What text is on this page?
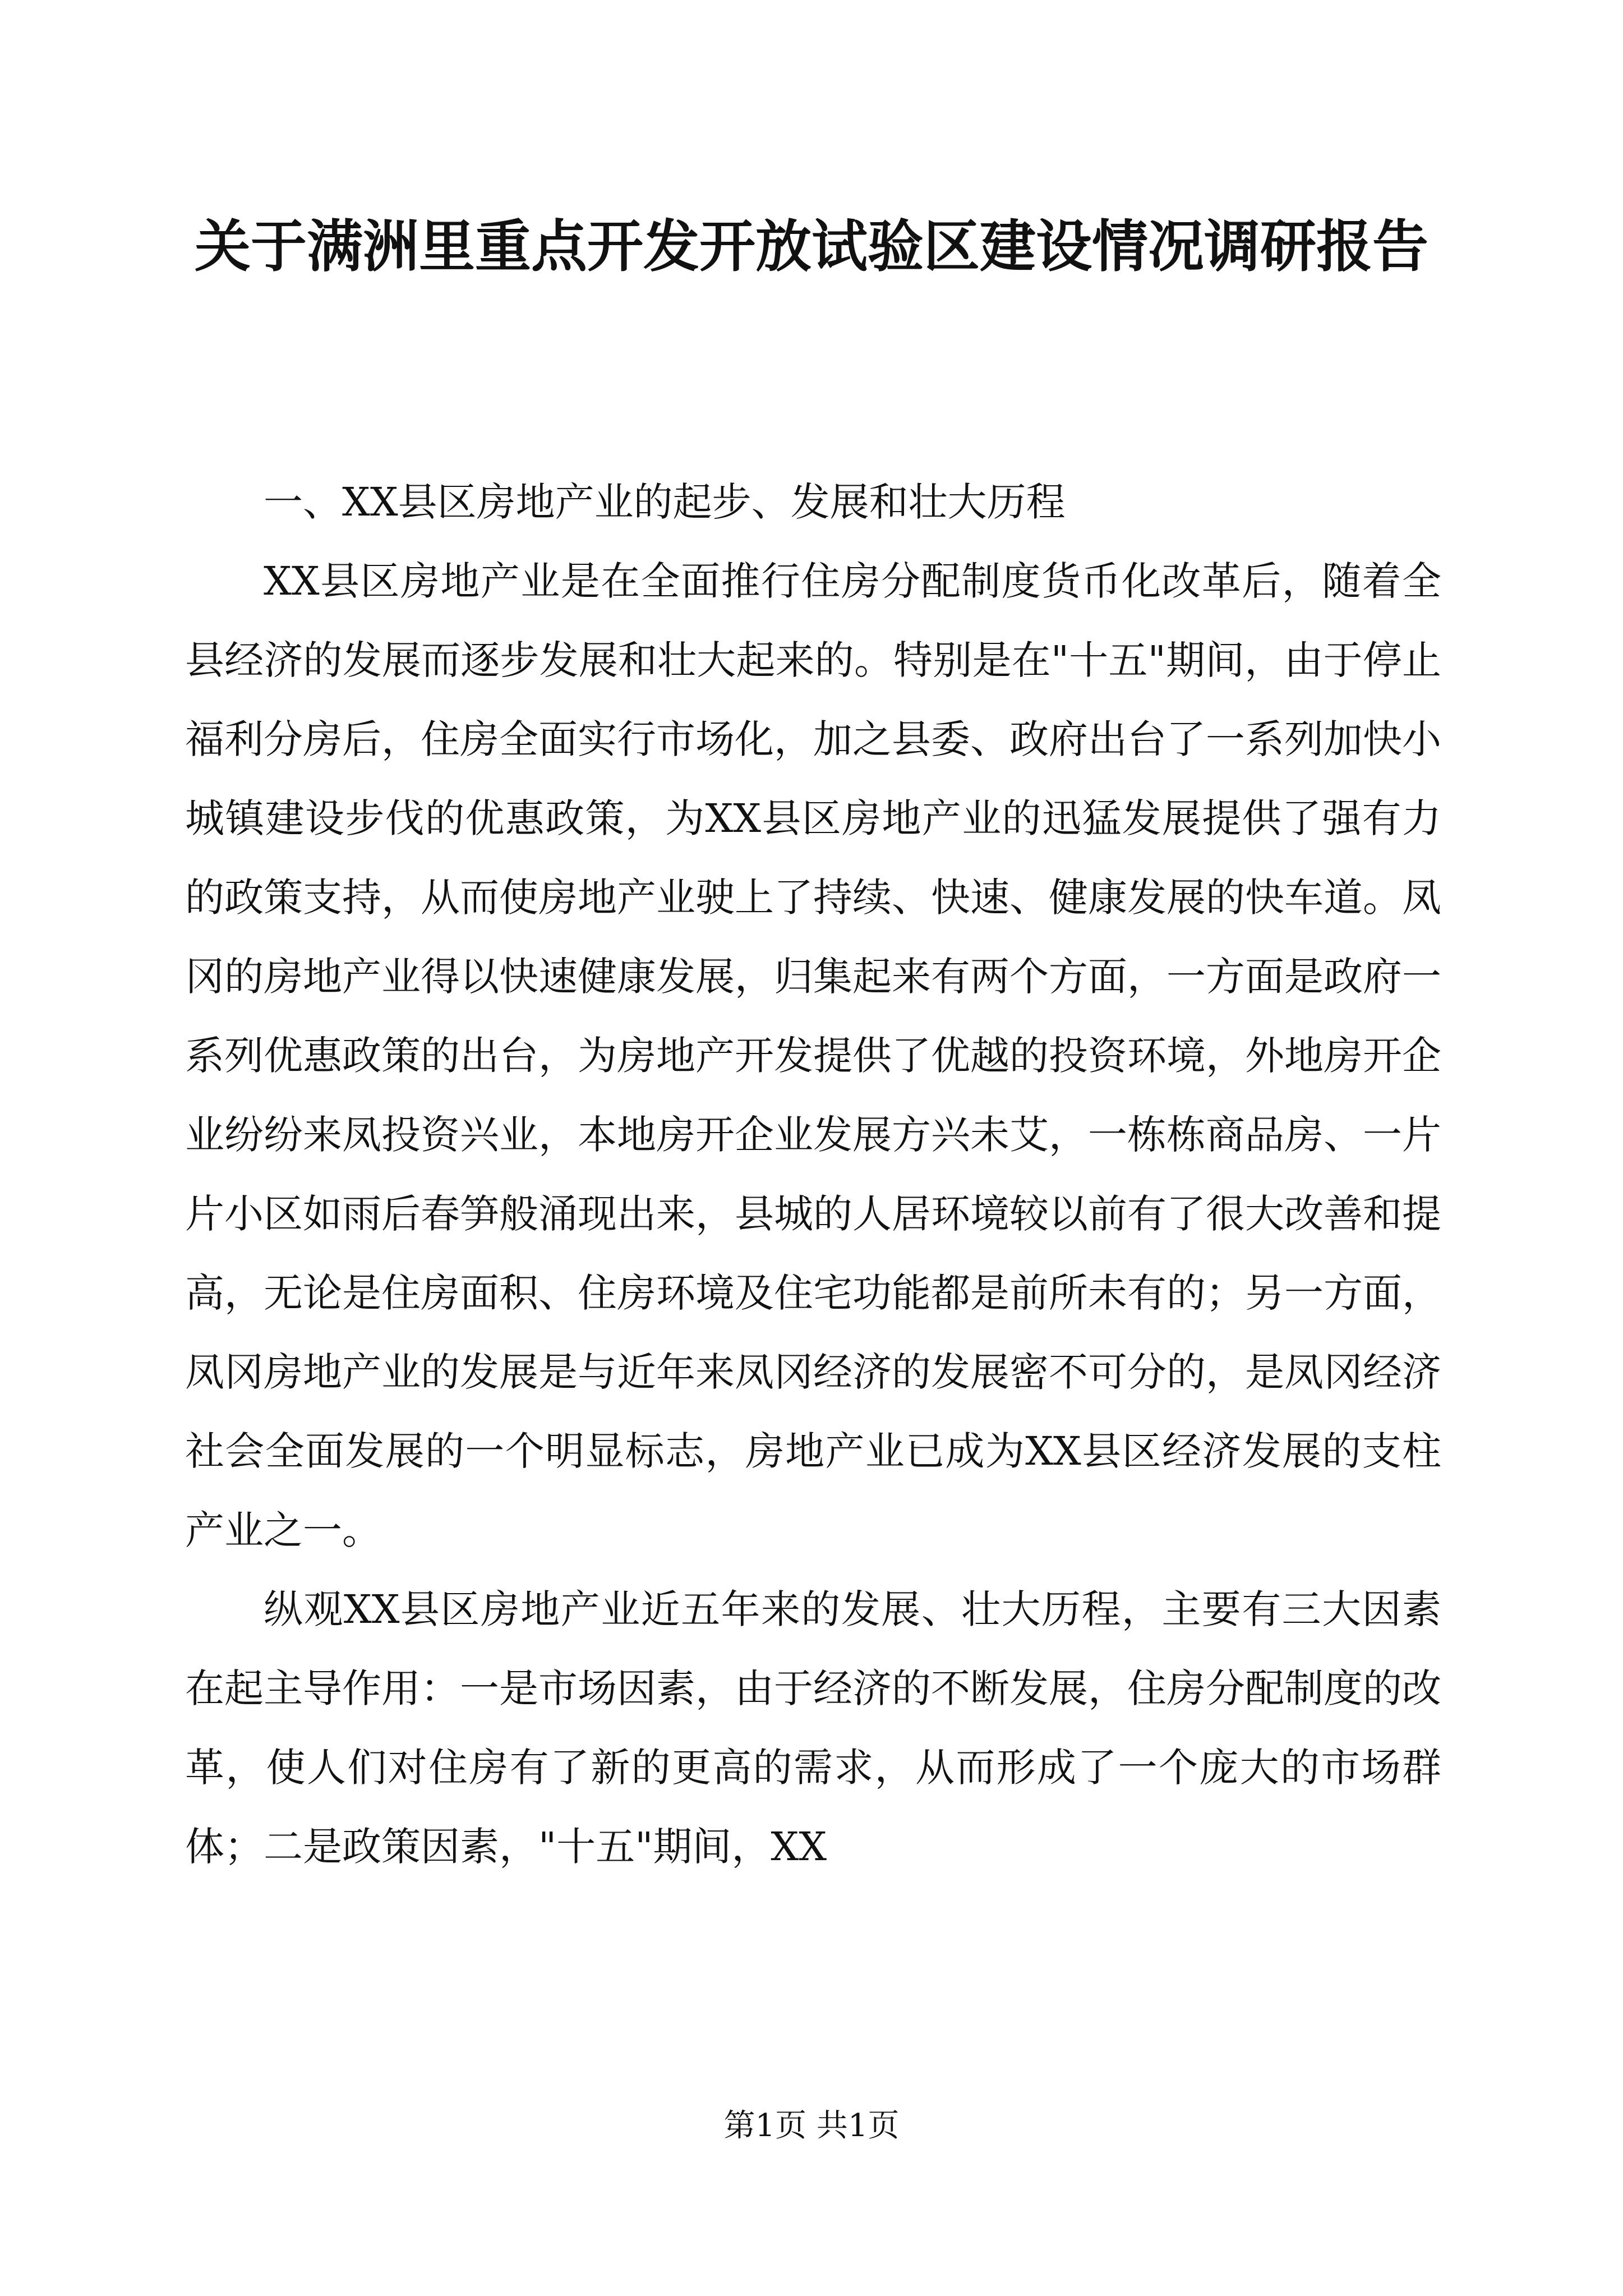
关于满洲里重点开发开放试验区建设情况调研报告

一、XX县区房地产业的起步、发展和壮大历程

XX县区房地产业是在全面推行住房分配制度货币化改革后，随着全县经济的发展而逐步发展和壮大起来的。特别是在"十五"期间，由于停止福利分房后，住房全面实行市场化，加之县委、政府出台了一系列加快小城镇建设步伐的优惠政策，为XX县区房地产业的迅猛发展提供了强有力的政策支持，从而使房地产业驶上了持续、快速、健康发展的快车道。凤冈的房地产业得以快速健康发展，归集起来有两个方面，一方面是政府一系列优惠政策的出台，为房地产开发提供了优越的投资环境，外地房开企业纷纷来凤投资兴业，本地房开企业发展方兴未艾，一栋栋商品房、一片片小区如雨后春笋般涌现出来，县城的人居环境较以前有了很大改善和提高，无论是住房面积、住房环境及住宅功能都是前所未有的；另一方面，凤冈房地产业的发展是与近年来凤冈经济的发展密不可分的，是凤冈经济社会全面发展的一个明显标志，房地产业已成为XX县区经济发展的支柱产业之一。

纵观XX县区房地产业近五年来的发展、壮大历程，主要有三大因素在起主导作用：一是市场因素，由于经济的不断发展，住房分配制度的改革，使人们对住房有了新的更高的需求，从而形成了一个庞大的市场群体；二是政策因素，"十五"期间，XX

第1页 共1页
